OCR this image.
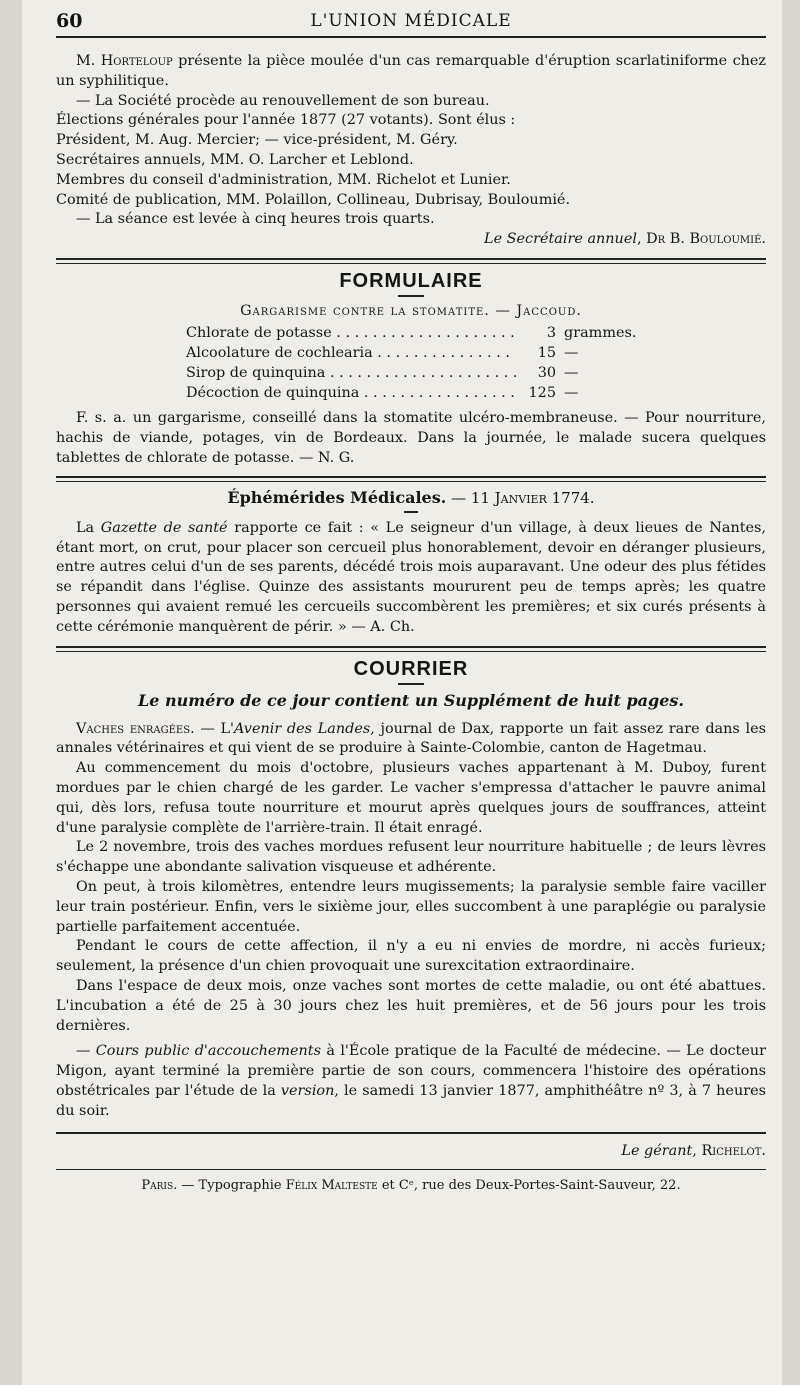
60	L'UNION MÉDICALE

M. Horteloup présente la pièce moulée d'un cas remarquable d'éruption scarlatiniforme chez un syphilitique.

— La Société procède au renouvellement de son bureau.

Élections générales pour l'année 1877 (27 votants). Sont élus :

Président, M. Aug. Mercier; — vice-président, M. Géry.

Secrétaires annuels, MM. O. Larcher et Leblond.

Membres du conseil d'administration, MM. Richelot et Lunier.

Comité de publication, MM. Polaillon, Collineau, Dubrisay, Bouloumié.

— La séance est levée à cinq heures trois quarts.

Le Secrétaire annuel, Dr B. Bouloumié.

FORMULAIRE
Gargarisme contre la stomatite. — Jaccoud.
Chlorate de potasse . . .	3 grammes.
Alcoolature de cochlearia . . .	15 —
Sirop de quinquina . . .	30 —
Décoction de quinquina . . .	125 —

F. s. a. un gargarisme, conseillé dans la stomatite ulcéro-membraneuse. — Pour nourriture, hachis de viande, potages, vin de Bordeaux. Dans la journée, le malade sucera quelques tablettes de chlorate de potasse. — N. G.

Éphémérides Médicales. — 11 Janvier 1774.

La Gazette de santé rapporte ce fait : « Le seigneur d'un village, à deux lieues de Nantes, étant mort, on crut, pour placer son cercueil plus honorablement, devoir en déranger plusieurs, entre autres celui d'un de ses parents, décédé trois mois auparavant. Une odeur des plus fétides se répandit dans l'église. Quinze des assistants moururent peu de temps après; les quatre personnes qui avaient remué les cercueils succombèrent les premières; et six curés présents à cette cérémonie manquèrent de périr. » — A. Ch.

COURRIER
Le numéro de ce jour contient un Supplément de huit pages.

Vaches enragées. — L'Avenir des Landes, journal de Dax, rapporte un fait assez rare dans les annales vétérinaires et qui vient de se produire à Sainte-Colombie, canton de Hagetmau.

Au commencement du mois d'octobre, plusieurs vaches appartenant à M. Duboy, furent mordues par le chien chargé de les garder. Le vacher s'empressa d'attacher le pauvre animal qui, dès lors, refusa toute nourriture et mourut après quelques jours de souffrances, atteint d'une paralysie complète de l'arrière-train. Il était enragé.

Le 2 novembre, trois des vaches mordues refusent leur nourriture habituelle ; de leurs lèvres s'échappe une abondante salivation visqueuse et adhérente.

On peut, à trois kilomètres, entendre leurs mugissements; la paralysie semble faire vaciller leur train postérieur. Enfin, vers le sixième jour, elles succombent à une paraplégie ou paralysie partielle parfaitement accentuée.

Pendant le cours de cette affection, il n'y a eu ni envies de mordre, ni accès furieux; seulement, la présence d'un chien provoquait une surexcitation extraordinaire.

Dans l'espace de deux mois, onze vaches sont mortes de cette maladie, ou ont été abattues. L'incubation a été de 25 à 30 jours chez les huit premières, et de 56 jours pour les trois dernières.

— Cours public d'accouchements à l'École pratique de la Faculté de médecine. — Le docteur Migon, ayant terminé la première partie de son cours, commencera l'histoire des opérations obstétricales par l'étude de la version, le samedi 13 janvier 1877, amphithéâtre nº 3, à 7 heures du soir.

Le gérant, Richelot.

Paris. — Typographie Félix Malteste et Cᵉ, rue des Deux-Portes-Saint-Sauveur, 22.
